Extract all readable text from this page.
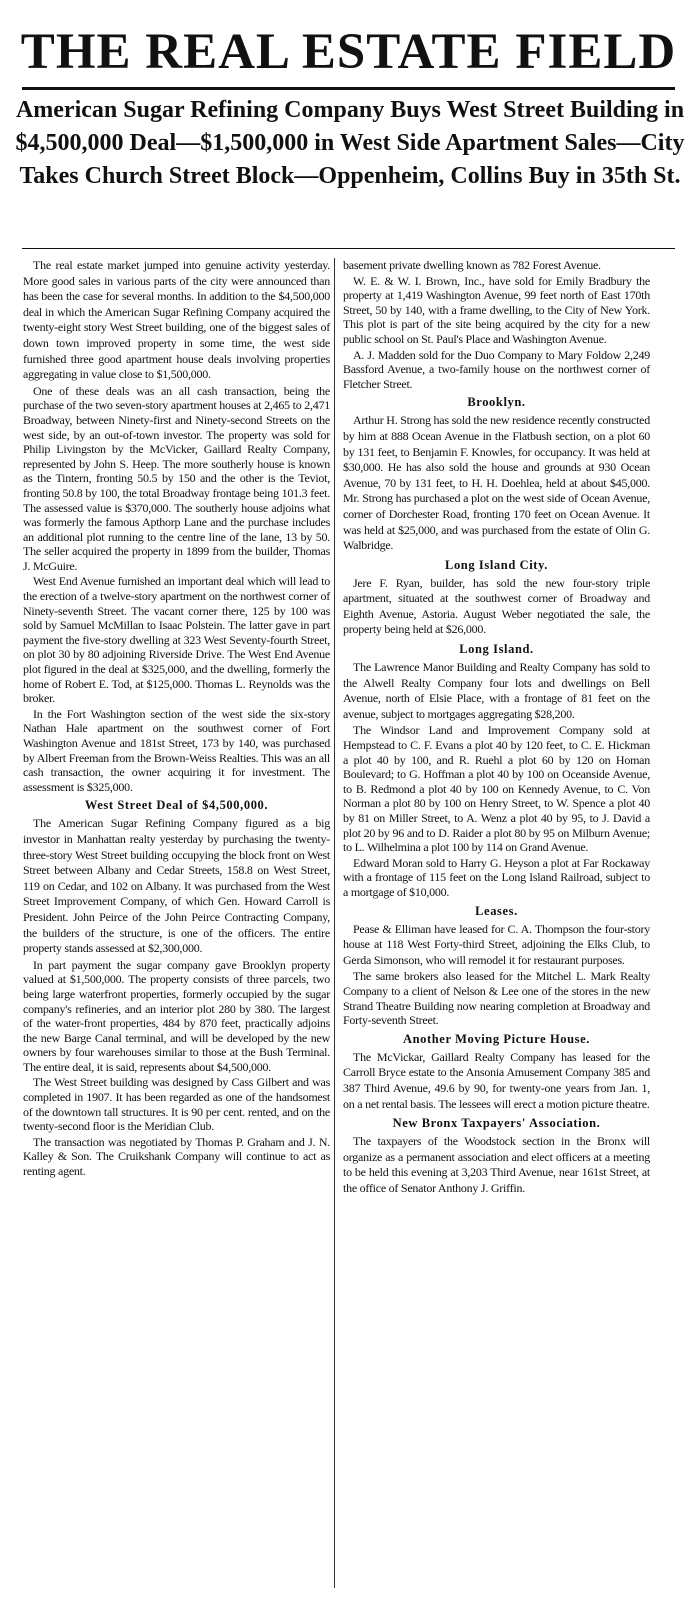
THE REAL ESTATE FIELD
American Sugar Refining Company Buys West Street Building in $4,500,000 Deal—$1,500,000 in West Side Apartment Sales—City Takes Church Street Block—Oppenheim, Collins Buy in 35th St.

The real estate market jumped into genuine activity yesterday. More good sales in various parts of the city were announced than has been the case for several months. In addition to the $4,500,000 deal in which the American Sugar Refining Company acquired the twenty-eight story West Street building, one of the biggest sales of down town improved property in some time, the west side furnished three good apartment house deals involving properties aggregating in value close to $1,500,000.

One of these deals was an all cash transaction, being the purchase of the two seven-story apartment houses at 2,465 to 2,471 Broadway, between Ninety-first and Ninety-second Streets on the west side, by an out-of-town investor. The property was sold for Philip Livingston by the McVicker, Gaillard Realty Company, represented by John S. Heep. The more southerly house is known as the Tintern, fronting 50.5 by 150 and the other is the Teviot, fronting 50.8 by 100, the total Broadway frontage being 101.3 feet. The assessed value is $370,000. The southerly house adjoins what was formerly the famous Apthorp Lane and the purchase includes an additional plot running to the centre line of the lane, 13 by 50. The seller acquired the property in 1899 from the builder, Thomas J. McGuire.

West End Avenue furnished an important deal which will lead to the erection of a twelve-story apartment on the northwest corner of Ninety-seventh Street. The vacant corner there, 125 by 100 was sold by Samuel McMillan to Isaac Polstein. The latter gave in part payment the five-story dwelling at 323 West Seventy-fourth Street, on plot 30 by 80 adjoining Riverside Drive. The West End Avenue plot figured in the deal at $325,000, and the dwelling, formerly the home of Robert E. Tod, at $125,000. Thomas L. Reynolds was the broker.

In the Fort Washington section of the west side the six-story Nathan Hale apartment on the southwest corner of Fort Washington Avenue and 181st Street, 173 by 140, was purchased by Albert Freeman from the Brown-Weiss Realties. This was an all cash transaction, the owner acquiring it for investment. The assessment is $325,000.

West Street Deal of $4,500,000.

The American Sugar Refining Company figured as a big investor in Manhattan realty yesterday by purchasing the twenty-three-story West Street building occupying the block front on West Street between Albany and Cedar Streets, 158.8 on West Street, 119 on Cedar, and 102 on Albany. It was purchased from the West Street Improvement Company, of which Gen. Howard Carroll is President. John Peirce of the John Peirce Contracting Company, the builders of the structure, is one of the officers. The entire property stands assessed at $2,300,000.

In part payment the sugar company gave Brooklyn property valued at $1,500,000. The property consists of three parcels, two being large waterfront properties, formerly occupied by the sugar company's refineries, and an interior plot 280 by 380. The largest of the water-front properties, 484 by 870 feet, practically adjoins the new Barge Canal terminal, and will be developed by the new owners by four warehouses similar to those at the Bush Terminal. The entire deal, it is said, represents about $4,500,000.

The West Street building was designed by Cass Gilbert and was completed in 1907. It has been regarded as one of the handsomest of the downtown tall structures. It is 90 per cent. rented, and on the twenty-second floor is the Meridian Club.

The transaction was negotiated by Thomas P. Graham and J. N. Kalley & Son. The Cruikshank Company will continue to act as renting agent.

basement private dwelling known as 782 Forest Avenue.

W. E. & W. I. Brown, Inc., have sold for Emily Bradbury the property at 1,419 Washington Avenue, 99 feet north of East 170th Street, 50 by 140, with a frame dwelling, to the City of New York. This plot is part of the site being acquired by the city for a new public school on St. Paul's Place and Washington Avenue.

A. J. Madden sold for the Duo Company to Mary Foldow 2,249 Bassford Avenue, a two-family house on the northwest corner of Fletcher Street.

Brooklyn.

Arthur H. Strong has sold the new residence recently constructed by him at 888 Ocean Avenue in the Flatbush section, on a plot 60 by 131 feet, to Benjamin F. Knowles, for occupancy. It was held at $30,000. He has also sold the house and grounds at 930 Ocean Avenue, 70 by 131 feet, to H. H. Doehlea, held at about $45,000. Mr. Strong has purchased a plot on the west side of Ocean Avenue, corner of Dorchester Road, fronting 170 feet on Ocean Avenue. It was held at $25,000, and was purchased from the estate of Olin G. Walbridge.

Long Island City.

Jere F. Ryan, builder, has sold the new four-story triple apartment, situated at the southwest corner of Broadway and Eighth Avenue, Astoria. August Weber negotiated the sale, the property being held at $26,000.

Long Island.

The Lawrence Manor Building and Realty Company has sold to the Alwell Realty Company four lots and dwellings on Bell Avenue, north of Elsie Place, with a frontage of 81 feet on the avenue, subject to mortgages aggregating $28,200.

The Windsor Land and Improvement Company sold at Hempstead to C. F. Evans a plot 40 by 120 feet, to C. E. Hickman a plot 40 by 100, and R. Ruehl a plot 60 by 120 on Homan Boulevard; to G. Hoffman a plot 40 by 100 on Oceanside Avenue, to B. Redmond a plot 40 by 100 on Kennedy Avenue, to C. Von Norman a plot 80 by 100 on Henry Street, to W. Spence a plot 40 by 81 on Miller Street, to A. Wenz a plot 40 by 95, to J. David a plot 20 by 96 and to D. Raider a plot 80 by 95 on Milburn Avenue; to L. Wilhelmina a plot 100 by 114 on Grand Avenue.

Edward Moran sold to Harry G. Heyson a plot at Far Rockaway with a frontage of 115 feet on the Long Island Railroad, subject to a mortgage of $10,000.

Leases.

Pease & Elliman have leased for C. A. Thompson the four-story house at 118 West Forty-third Street, adjoining the Elks Club, to Gerda Simonson, who will remodel it for restaurant purposes.

The same brokers also leased for the Mitchel L. Mark Realty Company to a client of Nelson & Lee one of the stores in the new Strand Theatre Building now nearing completion at Broadway and Forty-seventh Street.

Another Moving Picture House.

The McVickar, Gaillard Realty Company has leased for the Carroll Bryce estate to the Ansonia Amusement Company 385 and 387 Third Avenue, 49.6 by 90, for twenty-one years from Jan. 1, on a net rental basis. The lessees will erect a motion picture theatre.

New Bronx Taxpayers' Association.

The taxpayers of the Woodstock section in the Bronx will organize as a permanent association and elect officers at a meeting to be held this evening at 3,203 Third Avenue, near 161st Street, at the office of Senator Anthony J. Griffin.
